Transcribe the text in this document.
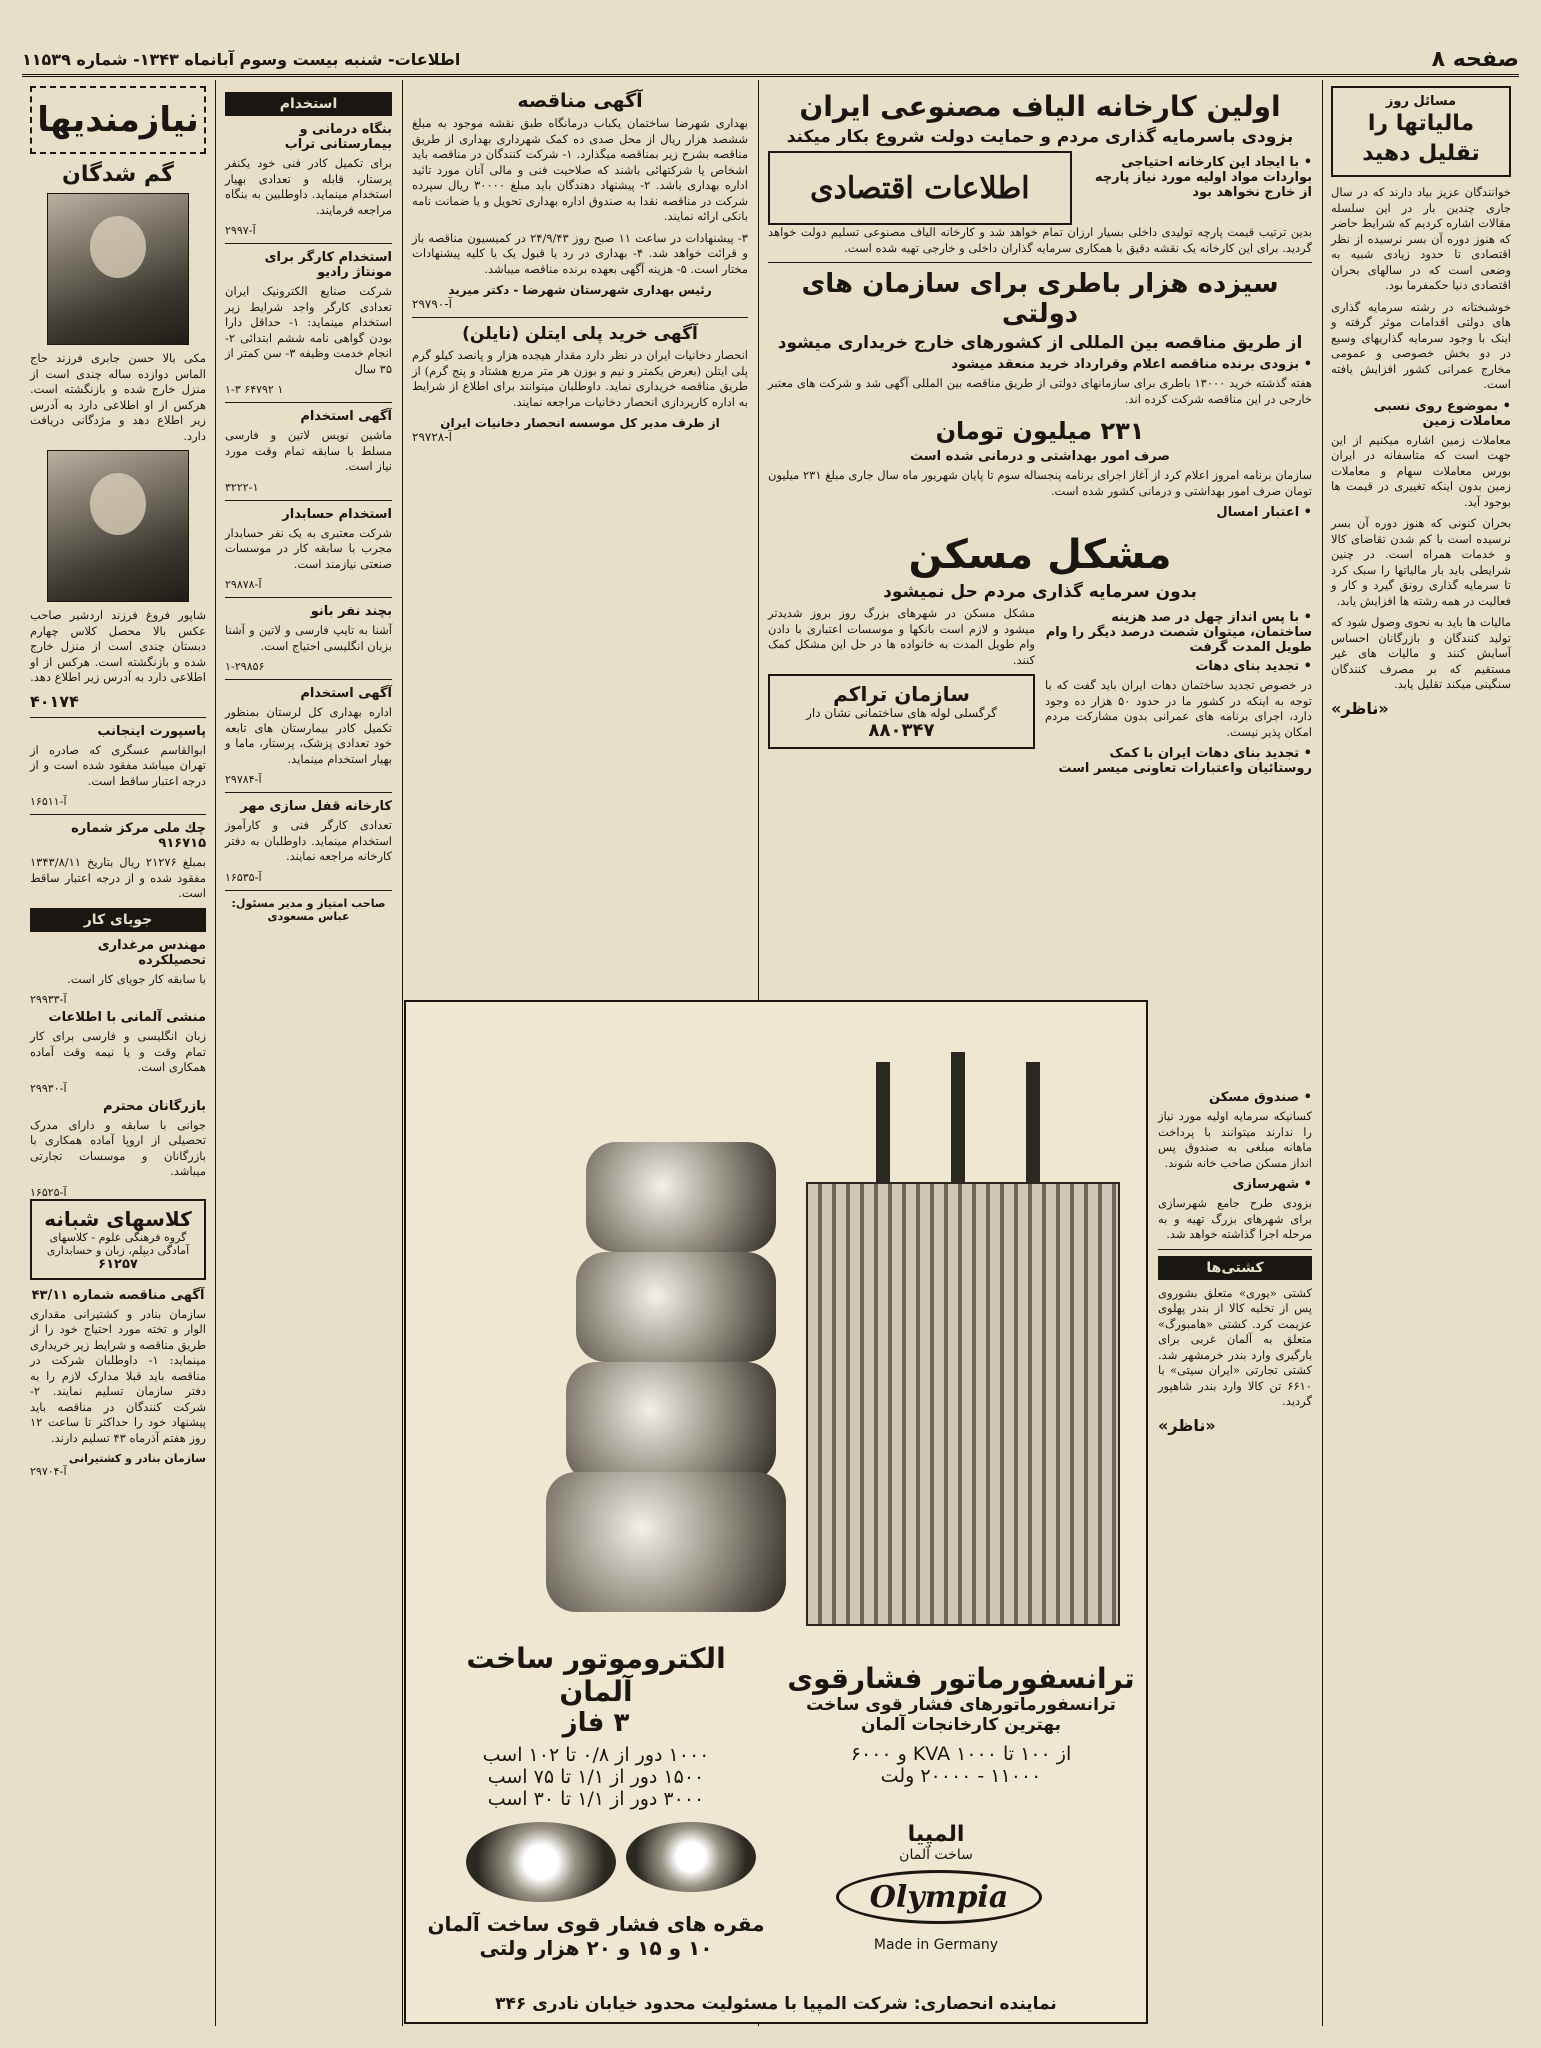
صفحه ۸
اطلاعات- شنبه بیست وسوم آبانماه ۱۳۴۳- شماره ۱۱۵۳۹
مسائل روز
مالیاتها را تقلیل دهید

خوانندگان عزیز بیاد دارند که در سال جاری چندین بار در این سلسله مقالات اشاره کردیم که شرایط حاضر که هنوز دوره آن بسر نرسیده از نظر اقتصادی تا حدود زیادی شبیه به وضعی است که در سالهای بحران اقتصادی دنیا حکمفرما بود.

خوشبختانه در رشته سرمایه گذاری های دولتی اقدامات موثر گرفته و اینک با وجود سرمایه گذاریهای وسیع در دو بخش خصوصی و عمومی مخارج عمرانی کشور افزایش یافته است.

• بموضوع روی نسبی معاملات زمین

معاملات زمین اشاره میکنیم از این جهت است که متاسفانه در ایران بورس معاملات سهام و معاملات زمین بدون اینکه تغییری در قیمت ها بوجود آید.

بحران کنونی که هنوز دوره آن بسر نرسیده است با کم شدن تقاضای کالا و خدمات همراه است. در چنین شرایطی باید بار مالیاتها را سبک کرد تا سرمایه گذاری رونق گیرد و کار و فعالیت در همه رشته ها افزایش یابد.

مالیات ها باید به نحوی وصول شود که تولید کنندگان و بازرگانان احساس آسایش کنند و مالیات های غیر مستقیم که بر مصرف کنندگان سنگینی میکند تقلیل یابد.

«ناظر»
اولین کارخانه الیاف مصنوعی ایران
بزودی باسرمایه گذاری مردم و حمایت دولت شروع بکار میکند
• با ایجاد این کارخانه احتیاجی بواردات مواد اولیه مورد نیاز پارچه از خارج نخواهد بود
اطلاعات اقتصادی

بدین ترتیب قیمت پارچه تولیدی داخلی بسیار ارزان تمام خواهد شد و کارخانه الیاف مصنوعی تسلیم دولت خواهد گردید. برای این کارخانه یک نقشه دقیق با همکاری سرمایه گذاران داخلی و خارجی تهیه شده است.

سیزده هزار باطری برای سازمان های دولتی
از طریق مناقصه بین المللی از کشورهای خارج خریداری میشود
• بزودی برنده مناقصه اعلام وقرارداد خرید منعقد میشود

هفته گذشته خرید ۱۳۰۰۰ باطری برای سازمانهای دولتی از طریق مناقصه بین المللی آگهی شد و شرکت های معتبر خارجی در این مناقصه شرکت کرده اند.

۲۳۱ میلیون تومان
صرف امور بهداشتی و درمانی شده است

سازمان برنامه امروز اعلام کرد از آغاز اجرای برنامه پنجساله سوم تا پایان شهریور ماه سال جاری مبلغ ۲۳۱ میلیون تومان صرف امور بهداشتی و درمانی کشور شده است.

• اعتبار امسال
مشکل مسکن
بدون سرمایه گذاری مردم حل نمیشود
• با پس انداز چهل در صد هزینه ساختمان، میتوان شصت درصد دیگر را وام طویل المدت گرفت
• تجدید بنای دهات

در خصوص تجدید ساختمان دهات ایران باید گفت که با توجه به اینکه در کشور ما در حدود ۵۰ هزار ده وجود دارد، اجرای برنامه های عمرانی بدون مشارکت مردم امکان پذیر نیست.

• تجدید بنای دهات ایران با کمک روستائیان واعتبارات تعاونی میسر است

مشکل مسکن در شهرهای بزرگ روز بروز شدیدتر میشود و لازم است بانکها و موسسات اعتباری با دادن وام طویل المدت به خانواده ها در حل این مشکل کمک کنند.

سازمان تراکم
گرگسلی لوله های ساختمانی نشان دار
۸۸۰۳۴۷
• صندوق مسکن

کسانیکه سرمایه اولیه مورد نیاز را ندارند میتوانند با پرداخت ماهانه مبلغی به صندوق پس انداز مسکن صاحب خانه شوند.

• شهرسازی

بزودی طرح جامع شهرسازی برای شهرهای بزرگ تهیه و به مرحله اجرا گذاشته خواهد شد.

کشتی‌ها

کشتی «یوری» متعلق بشوروی پس از تخلیه کالا از بندر پهلوی عزیمت کرد. کشتی «هامبورگ» متعلق به آلمان غربی برای بارگیری وارد بندر خرمشهر شد. کشتی تجارتی «ایران سیتی» با ۶۶۱۰ تن کالا وارد بندر شاهپور گردید.

«ناظر»
آگهی مناقصه

بهداری شهرضا ساختمان یکباب درمانگاه طبق نقشه موجود به مبلغ ششصد هزار ریال از محل صدی ده کمک شهرداری بهداری از طریق مناقصه بشرح زیر بمناقصه میگذارد. ۱- شرکت کنندگان در مناقصه باید اشخاص یا شرکتهائی باشند که صلاحیت فنی و مالی آنان مورد تائید اداره بهداری باشد. ۲- پیشنهاد دهندگان باید مبلغ ۳۰۰۰۰ ریال سپرده شرکت در مناقصه نقدا به صندوق اداره بهداری تحویل و یا ضمانت نامه بانکی ارائه نمایند.

۳- پیشنهادات در ساعت ۱۱ صبح روز ۲۴/۹/۴۳ در کمیسیون مناقصه باز و قرائت خواهد شد. ۴- بهداری در رد یا قبول یک یا کلیه پیشنهادات مختار است. ۵- هزینه آگهی بعهده برنده مناقصه میباشد.

رئیس بهداری شهرستان شهرضا - دکتر میرید
آ-۲۹۷۹۰
آگهی خرید پلی ایتلن (نایلن)

انحصار دخانیات ایران در نظر دارد مقدار هیجده هزار و پانصد کیلو گرم پلی ایتلن (بعرض یکمتر و نیم و بوزن هر متر مربع هشتاد و پنج گرم) از طریق مناقصه خریداری نماید. داوطلبان میتوانند برای اطلاع از شرایط به اداره کارپردازی انحصار دخانیات مراجعه نمایند.

از طرف مدیر کل موسسه انحصار دخانیات ایران
آ-۲۹۷۲۸
استخدام
بنگاه درمانی و بیمارستانی تراب

برای تکمیل کادر فنی خود یکنفر پرستار، قابله و تعدادی بهیار استخدام مینماید. داوطلبین به بنگاه مراجعه فرمایند.

آ-۲۹۹۷
استخدام کارگر برای مونتاژ رادیو

شرکت صنایع الکترونیک ایران تعدادی کارگر واجد شرایط زیر استخدام مینماید: ۱- حداقل دارا بودن گواهی نامه ششم ابتدائی ۲- انجام خدمت وظیفه ۳- سن کمتر از ۳۵ سال

۱ ۶۴۷۹۲ ۱-۳
آگهی استخدام

ماشین نویس لاتین و فارسی مسلط با سابقه تمام وقت مورد نیاز است.

۳۲۲۲-۱
استخدام حسابدار

شرکت معتبری به یک نفر حسابدار مجرب با سابقه کار در موسسات صنعتی نیازمند است.

آ-۲۹۸۷۸
بچند نفر بانو

آشنا به تایپ فارسی و لاتین و آشنا بزبان انگلیسی احتیاج است.

۱-۲۹۸۵۶
آگهی استخدام

اداره بهداری کل لرستان بمنظور تکمیل کادر بیمارستان های تابعه خود تعدادی پزشک، پرستار، ماما و بهیار استخدام مینماید.

آ-۲۹۷۸۴
کارخانه قفل سازی مهر

تعدادی کارگر فنی و کارآموز استخدام مینماید. داوطلبان به دفتر کارخانه مراجعه نمایند.

آ-۱۶۵۳۵
صاحب امتیاز و مدیر مسئول: عباس مسعودی
نیازمندیها
گم شدگان

مکی بالا حسن جابری فرزند حاج الماس دوازده ساله چندی است از منزل خارج شده و بازنگشته است. هرکس از او اطلاعی دارد به آدرس زیر اطلاع دهد و مژدگانی دریافت دارد.

شاپور فروغ فرزند اردشیر صاحب عکس بالا محصل کلاس چهارم دبستان چندی است از منزل خارج شده و بازنگشته است. هرکس از او اطلاعی دارد به آدرس زیر اطلاع دهد.

۴۰۱۷۴
پاسپورت اینجانب

ابوالقاسم عسگری که صادره از تهران میباشد مفقود شده است و از درجه اعتبار ساقط است.

آ-۱۶۵۱۱
چك ملی مرکز شماره ۹۱۶۷۱۵

بمبلغ ۲۱۲۷۶ ریال بتاریخ ۱۳۴۳/۸/۱۱ مفقود شده و از درجه اعتبار ساقط است.

جویای کار
مهندس مرغداری تحصیلکرده

با سابقه کار جویای کار است.

آ-۲۹۹۳۳
منشی آلمانی با اطلاعات

زبان انگلیسی و فارسی برای کار تمام وقت و یا نیمه وقت آماده همکاری است.

آ-۲۹۹۳۰
بازرگانان محترم

جوانی با سابقه و دارای مدرک تحصیلی از اروپا آماده همکاری با بازرگانان و موسسات تجارتی میباشد.

آ-۱۶۵۲۵
کلاسهای شبانه
گروه فرهنگی علوم - کلاسهای آمادگی دیپلم، زبان و حسابداری
۶۱۲۵۷
آگهی مناقصه شماره ۴۳/۱۱

سازمان بنادر و کشتیرانی مقداری الوار و تخته مورد احتیاج خود را از طریق مناقصه و شرایط زیر خریداری مینماید: ۱- داوطلبان شرکت در مناقصه باید قبلا مدارک لازم را به دفتر سازمان تسلیم نمایند. ۲- شرکت کنندگان در مناقصه باید پیشنهاد خود را حداکثر تا ساعت ۱۲ روز هفتم آذرماه ۴۳ تسلیم دارند.

سازمان بنادر و کشتیرانی
آ-۲۹۷۰۴
الکتروموتور ساخت آلمان
۳ فاز
۱۰۰۰ دور از ۰/۸ تا ۱۰۲ اسب
۱۵۰۰ دور از ۱/۱ تا ۷۵ اسب
۳۰۰۰ دور از ۱/۱ تا ۳۰ اسب
ترانسفورماتور فشارقوی
ترانسفورماتورهای فشار قوی ساخت بهترین کارخانجات آلمان
از ۱۰۰ تا ۱۰۰۰ KVA و ۶۰۰۰
۱۱۰۰۰ - ۲۰۰۰۰ ولت
مقره های فشار قوی ساخت آلمان
۱۰ و ۱۵ و ۲۰ هزار ولتی
المپیا
ساخت آلمان
Olympia
Made in Germany
نماینده انحصاری: شرکت المپیا با مسئولیت محدود خیابان نادری ۳۴۶
